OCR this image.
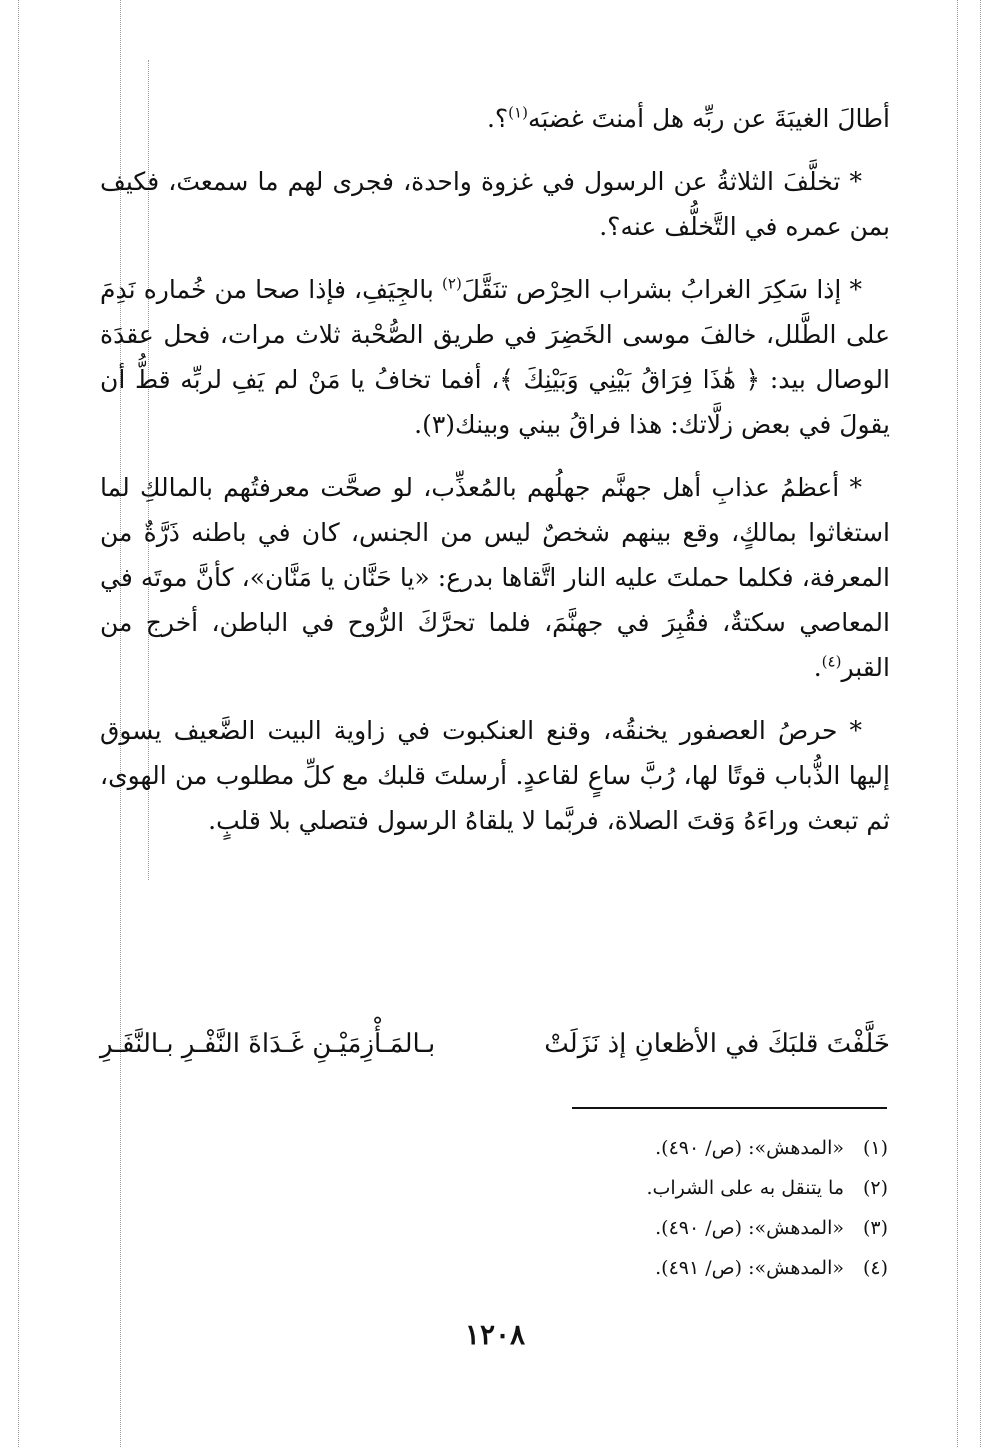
أطالَ الغيبَةَ عن ربِّه هل أمنتَ غضبَه$^{(١)}$؟.

* تخلَّفَ الثلاثةُ عن الرسول في غزوة واحدة، فجرى لهم ما سمعتَ، فكيف بمن عمره في التَّخلُّف عنه؟.

* إذا سَكِرَ الغرابُ بشراب الحِرْص تنَقَّلَ$^{(٢)}$ بالجِيَفِ، فإذا صحا من خُماره نَدِمَ على الطَّلل، خالفَ موسى الخَضِرَ في طريق الصُّحْبة ثلاث مرات، فحل عقدَة الوصال بيد: ﴿ هَٰذَا فِرَاقُ بَيْنِي وَبَيْنِكَ ﴾، أفما تخافُ يا مَنْ لم يَفِ لربِّه قطُّ أن يقولَ في بعض زلَّاتك: هذا فراقُ بيني وبينك(٣).

* أعظمُ عذابِ أهل جهنَّم جهلُهم بالمُعذِّب، لو صحَّت معرفتُهم بالمالكِ لما استغاثوا بمالكٍ، وقع بينهم شخصٌ ليس من الجنس، كان في باطنه ذَرَّةٌ من المعرفة، فكلما حملتَ عليه النار اتَّقاها بدرع: «يا حَنَّان يا مَنَّان»، كأنَّ موتَه في المعاصي سكتةٌ، فقُبِرَ في جهنَّمَ، فلما تحرَّكَ الرُّوح في الباطن، أخرج من القبر$^{(٤)}$.

* حرصُ العصفور يخنقُه، وقنع العنكبوت في زاوية البيت الضَّعيف يسوق إليها الذُّباب قوتًا لها، رُبَّ ساعٍ لقاعدٍ. أرسلتَ قلبك مع كلِّ مطلوب من الهوى، ثم تبعث وراءَهُ وَقتَ الصلاة، فربَّما لا يلقاهُ الرسول فتصلي بلا قلبٍ.

خَلَّفْتَ قلبَكَ في الأظعانِ إذ نَزَلَتْ
بـالمَـأْزِمَيْـنِ غَـدَاةَ النَّفْـرِ بـالنَّفَـرِ
(١)
«المدهش»: (ص/ ٤٩٠).
(٢)
ما يتنقل به على الشراب.
(٣)
«المدهش»: (ص/ ٤٩٠).
(٤)
«المدهش»: (ص/ ٤٩١).
١٢٠٨
